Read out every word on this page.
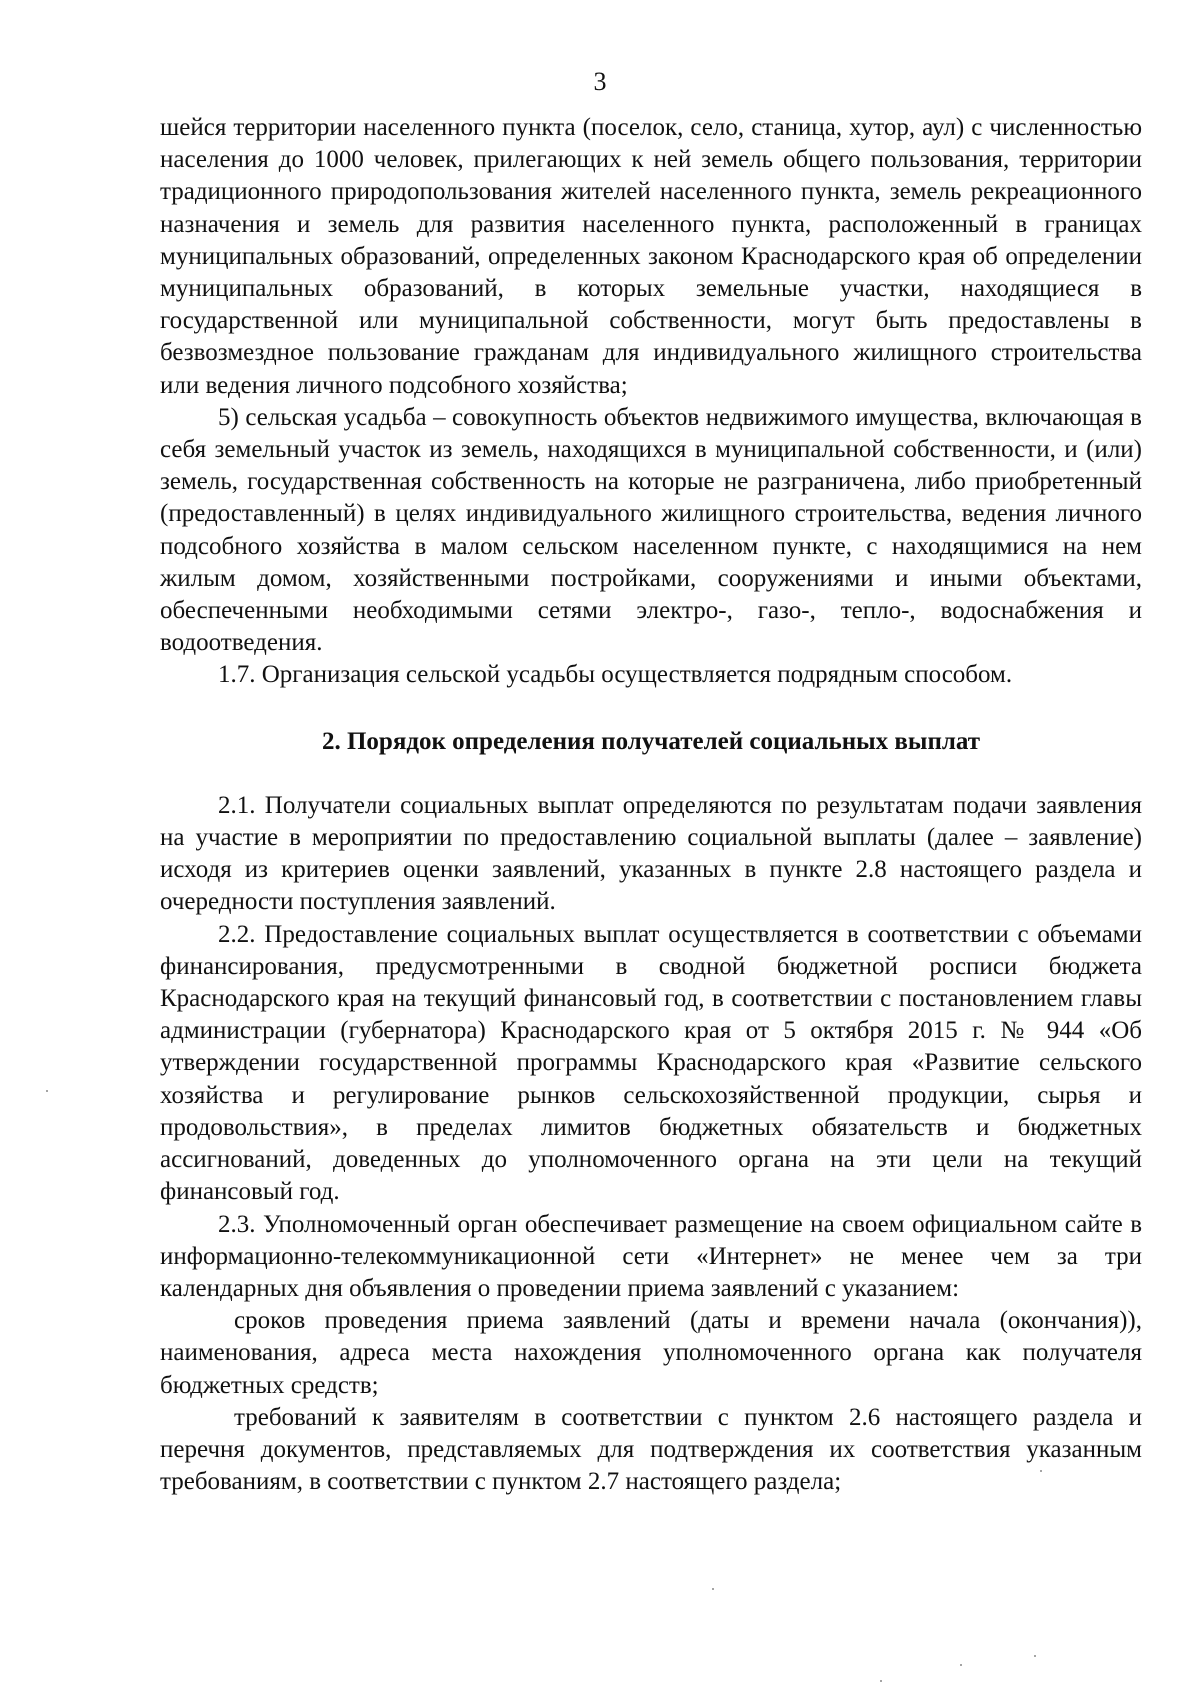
3

шейся территории населенного пункта (поселок, село, станица, хутор, аул) с численностью населения до 1000 человек, прилегающих к ней земель общего пользования, территории традиционного природопользования жителей населенного пункта, земель рекреационного назначения и земель для развития населенного пункта, расположенный в границах муниципальных образований, определенных законом Краснодарского края об определении муниципальных образований, в которых земельные участки, находящиеся в государственной или муниципальной собственности, могут быть предоставлены в безвозмездное пользование гражданам для индивидуального жилищного строительства или ведения личного подсобного хозяйства;

5) сельская усадьба – совокупность объектов недвижимого имущества, включающая в себя земельный участок из земель, находящихся в муниципальной собственности, и (или) земель, государственная собственность на которые не разграничена, либо приобретенный (предоставленный) в целях индивидуального жилищного строительства, ведения личного подсобного хозяйства в малом сельском населенном пункте, с находящимися на нем жилым домом, хозяйственными постройками, сооружениями и иными объектами, обеспеченными необходимыми сетями электро-, газо-, тепло-, водоснабжения и водоотведения.

1.7. Организация сельской усадьбы осуществляется подрядным способом.

2. Порядок определения получателей социальных выплат

2.1. Получатели социальных выплат определяются по результатам подачи заявления на участие в мероприятии по предоставлению социальной выплаты (далее – заявление) исходя из критериев оценки заявлений, указанных в пункте 2.8 настоящего раздела и очередности поступления заявлений.

2.2. Предоставление социальных выплат осуществляется в соответствии с объемами финансирования, предусмотренными в сводной бюджетной росписи бюджета Краснодарского края на текущий финансовый год, в соответствии с постановлением главы администрации (губернатора) Краснодарского края от 5 октября 2015 г. № 944 «Об утверждении государственной программы Краснодарского края «Развитие сельского хозяйства и регулирование рынков сельскохозяйственной продукции, сырья и продовольствия», в пределах лимитов бюджетных обязательств и бюджетных ассигнований, доведенных до уполномоченного органа на эти цели на текущий финансовый год.

2.3. Уполномоченный орган обеспечивает размещение на своем официальном сайте в информационно-телекоммуникационной сети «Интернет» не менее чем за три календарных дня объявления о проведении приема заявлений с указанием:

сроков проведения приема заявлений (даты и времени начала (окончания)), наименования, адреса места нахождения уполномоченного органа как получателя бюджетных средств;

требований к заявителям в соответствии с пунктом 2.6 настоящего раздела и перечня документов, представляемых для подтверждения их соответствия указанным требованиям, в соответствии с пунктом 2.7 настоящего раздела;
